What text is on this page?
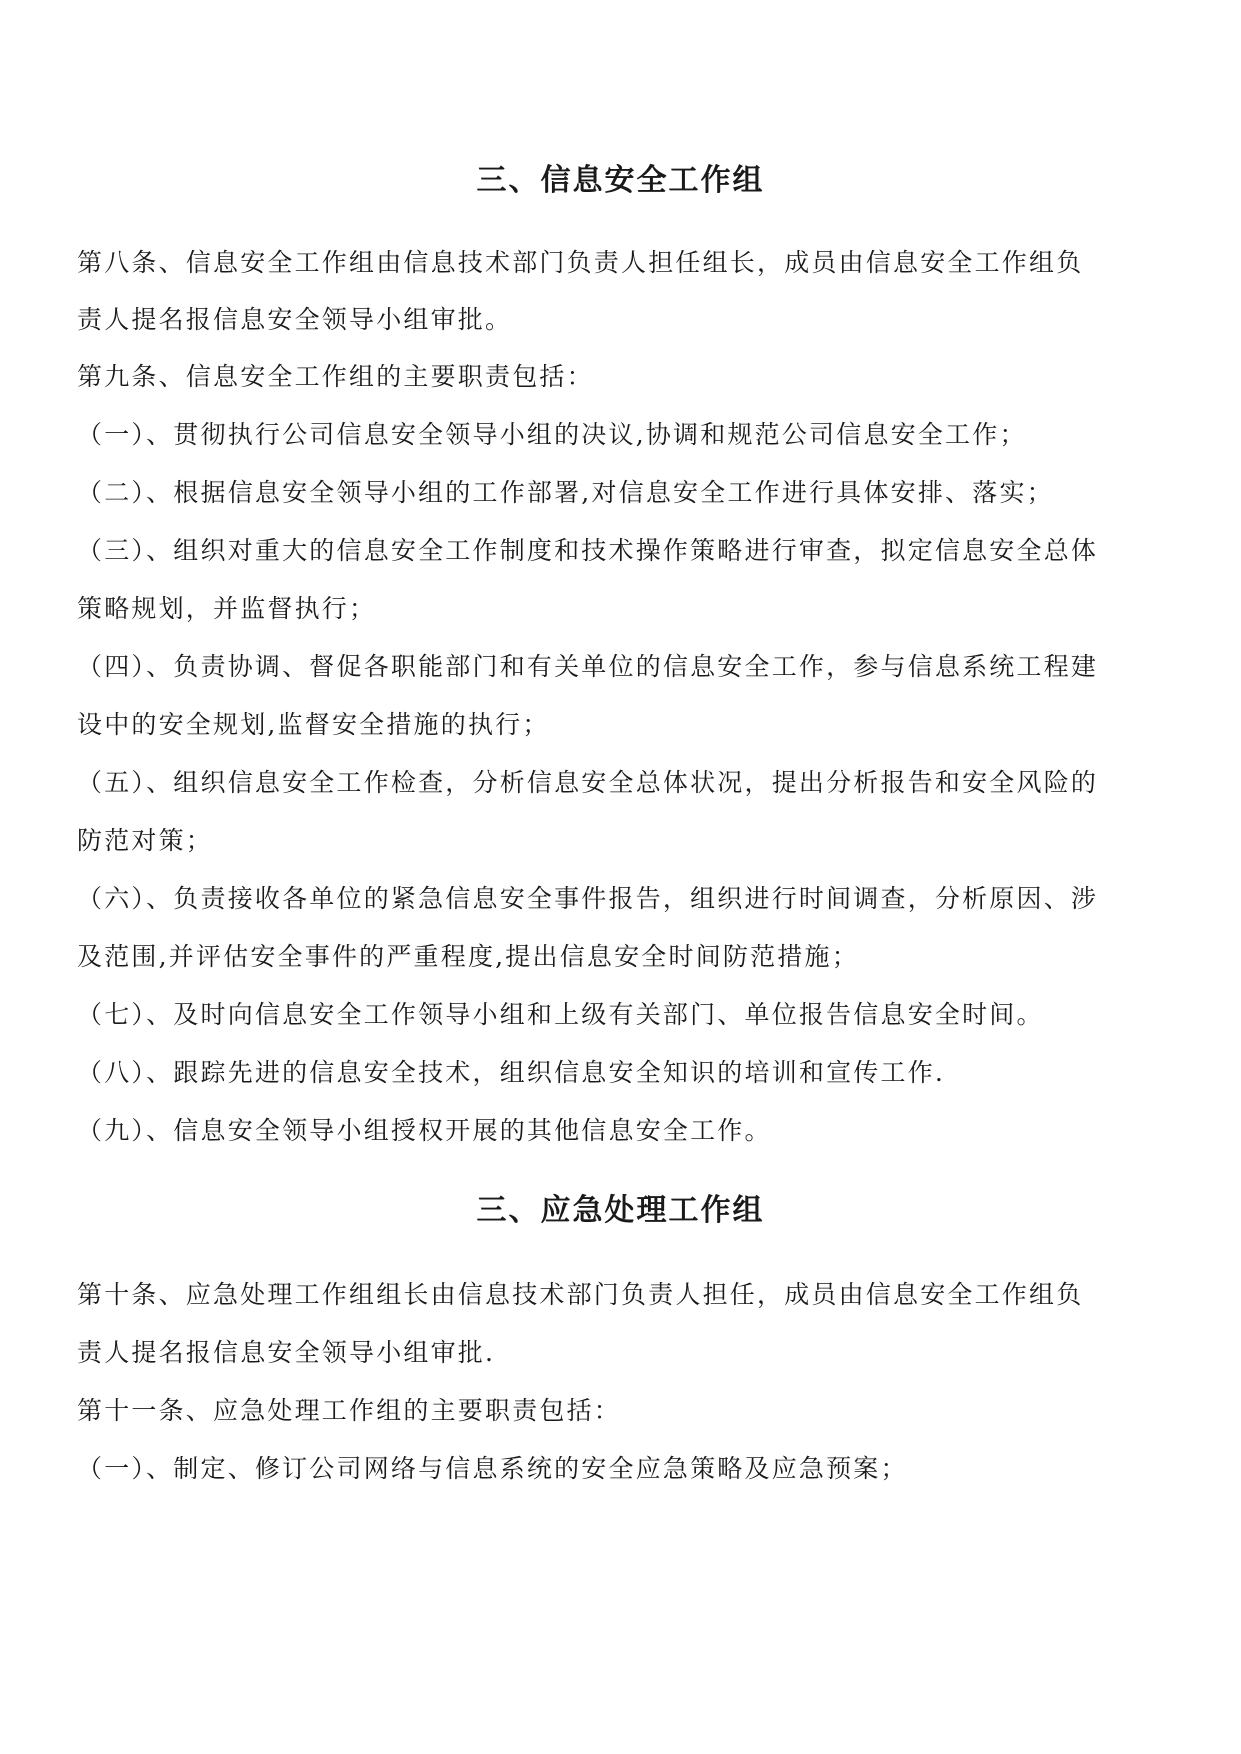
三、信息安全工作组
第八条、信息安全工作组由信息技术部门负责人担任组长，成员由信息安全工作组负
责人提名报信息安全领导小组审批。
第九条、信息安全工作组的主要职责包括：
（一）、贯彻执行公司信息安全领导小组的决议,协调和规范公司信息安全工作；
（二）、根据信息安全领导小组的工作部署,对信息安全工作进行具体安排、落实；
（三）、组织对重大的信息安全工作制度和技术操作策略进行审查，拟定信息安全总体
策略规划，并监督执行；
（四）、负责协调、督促各职能部门和有关单位的信息安全工作，参与信息系统工程建
设中的安全规划,监督安全措施的执行；
（五）、组织信息安全工作检查，分析信息安全总体状况，提出分析报告和安全风险的
防范对策；
（六）、负责接收各单位的紧急信息安全事件报告，组织进行时间调查，分析原因、涉
及范围,并评估安全事件的严重程度,提出信息安全时间防范措施；
（七）、及时向信息安全工作领导小组和上级有关部门、单位报告信息安全时间。
（八）、跟踪先进的信息安全技术，组织信息安全知识的培训和宣传工作.
（九）、信息安全领导小组授权开展的其他信息安全工作。
三、应急处理工作组
第十条、应急处理工作组组长由信息技术部门负责人担任，成员由信息安全工作组负
责人提名报信息安全领导小组审批.
第十一条、应急处理工作组的主要职责包括：
（一）、制定、修订公司网络与信息系统的安全应急策略及应急预案；
